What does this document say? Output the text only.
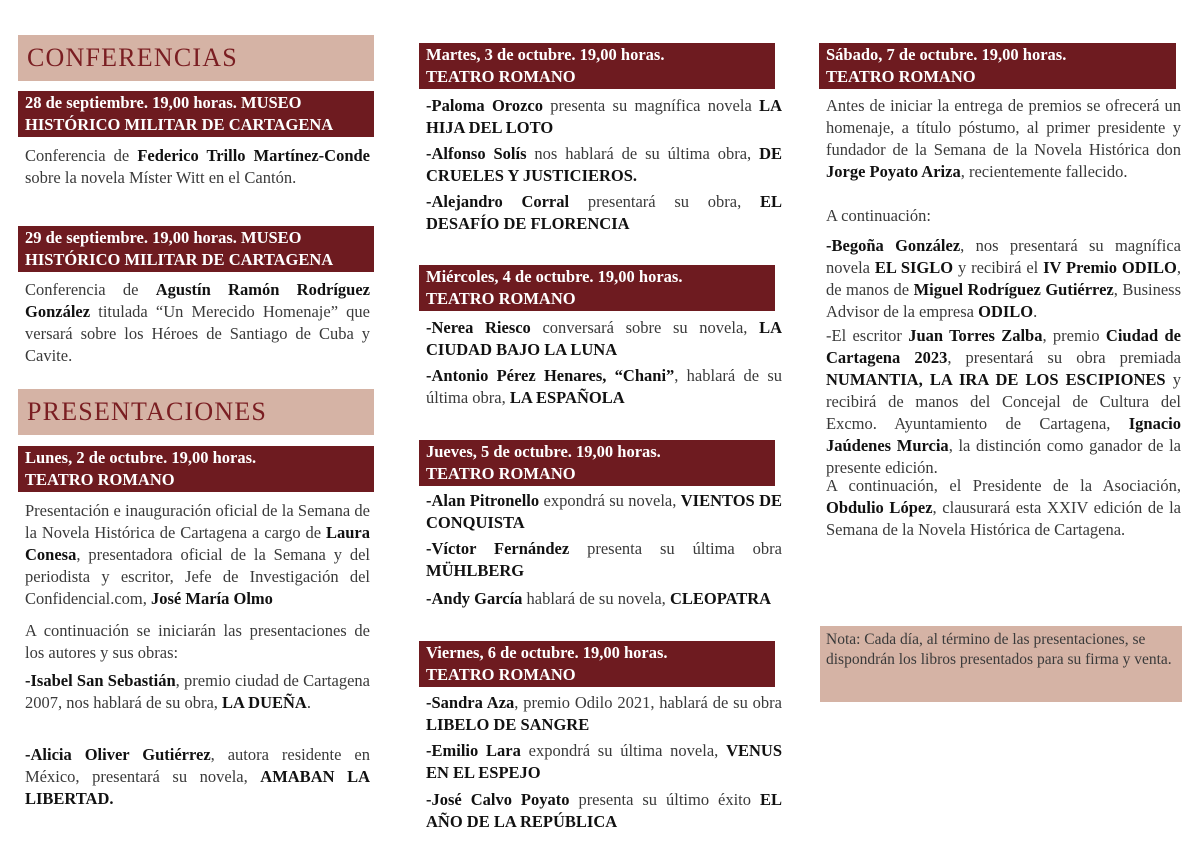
CONFERENCIAS
28 de septiembre. 19,00 horas. MUSEO
HISTÓRICO MILITAR DE CARTAGENA
Conferencia de Federico Trillo Martínez-Conde sobre la novela Míster Witt en el Cantón.
29 de septiembre. 19,00 horas. MUSEO
HISTÓRICO MILITAR DE CARTAGENA
Conferencia de Agustín Ramón Rodríguez González titulada “Un Merecido Homenaje” que versará sobre los Héroes de Santiago de Cuba y Cavite.
PRESENTACIONES
Lunes, 2 de octubre. 19,00 horas.
TEATRO ROMANO
Presentación e inauguración oficial de la Semana de la Novela Histórica de Cartagena a cargo de Laura Conesa, presentadora oficial de la Semana y del periodista y escritor, Jefe de Investigación del Confidencial.com, José María Olmo
A continuación se iniciarán las presentaciones de los autores y sus obras:
-Isabel San Sebastián, premio ciudad de Cartagena 2007, nos hablará de su obra, LA DUEÑA.
-Alicia Oliver Gutiérrez, autora residente en México, presentará su novela, AMABAN LA LIBERTAD.
Martes, 3 de octubre. 19,00 horas.
TEATRO ROMANO
-Paloma Orozco presenta su magnífica novela LA HIJA DEL LOTO
-Alfonso Solís nos hablará de su última obra, DE CRUELES Y JUSTICIEROS.
-Alejandro Corral presentará su obra, EL DESAFÍO DE FLORENCIA
Miércoles, 4 de octubre. 19,00 horas.
TEATRO ROMANO
-Nerea Riesco conversará sobre su novela, LA CIUDAD BAJO LA LUNA
-Antonio Pérez Henares, “Chani”, hablará de su última obra, LA ESPAÑOLA
Jueves, 5 de octubre. 19,00 horas.
TEATRO ROMANO
-Alan Pitronello expondrá su novela, VIENTOS DE CONQUISTA
-Víctor Fernández presenta su última obra MÜHLBERG
-Andy García hablará de su novela, CLEOPATRA
Viernes, 6 de octubre. 19,00 horas.
TEATRO ROMANO
-Sandra Aza, premio Odilo 2021, hablará de su obra LIBELO DE SANGRE
-Emilio Lara expondrá su última novela, VENUS EN EL ESPEJO
-José Calvo Poyato presenta su último éxito EL AÑO DE LA REPÚBLICA
Sábado, 7 de octubre. 19,00 horas.
TEATRO ROMANO
Antes de iniciar la entrega de premios se ofrecerá un homenaje, a título póstumo, al primer presidente y fundador de la Semana de la Novela Histórica don Jorge Poyato Ariza, recientemente fallecido.
A continuación:
-Begoña González, nos presentará su magnífica novela EL SIGLO y recibirá el IV Premio ODILO, de manos de Miguel Rodríguez Gutiérrez, Business Advisor de la empresa ODILO.
-El escritor Juan Torres Zalba, premio Ciudad de Cartagena 2023, presentará su obra premiada NUMANTIA, LA IRA DE LOS ESCIPIONES y recibirá de manos del Concejal de Cultura del Excmo. Ayuntamiento de Cartagena, Ignacio Jaúdenes Murcia, la distinción como ganador de la presente edición.
A continuación, el Presidente de la Asociación, Obdulio López, clausurará esta XXIV edición de la Semana de la Novela Histórica de Cartagena.
Nota: Cada día, al término de las presentaciones, se dispondrán los libros presentados para su firma y venta.
